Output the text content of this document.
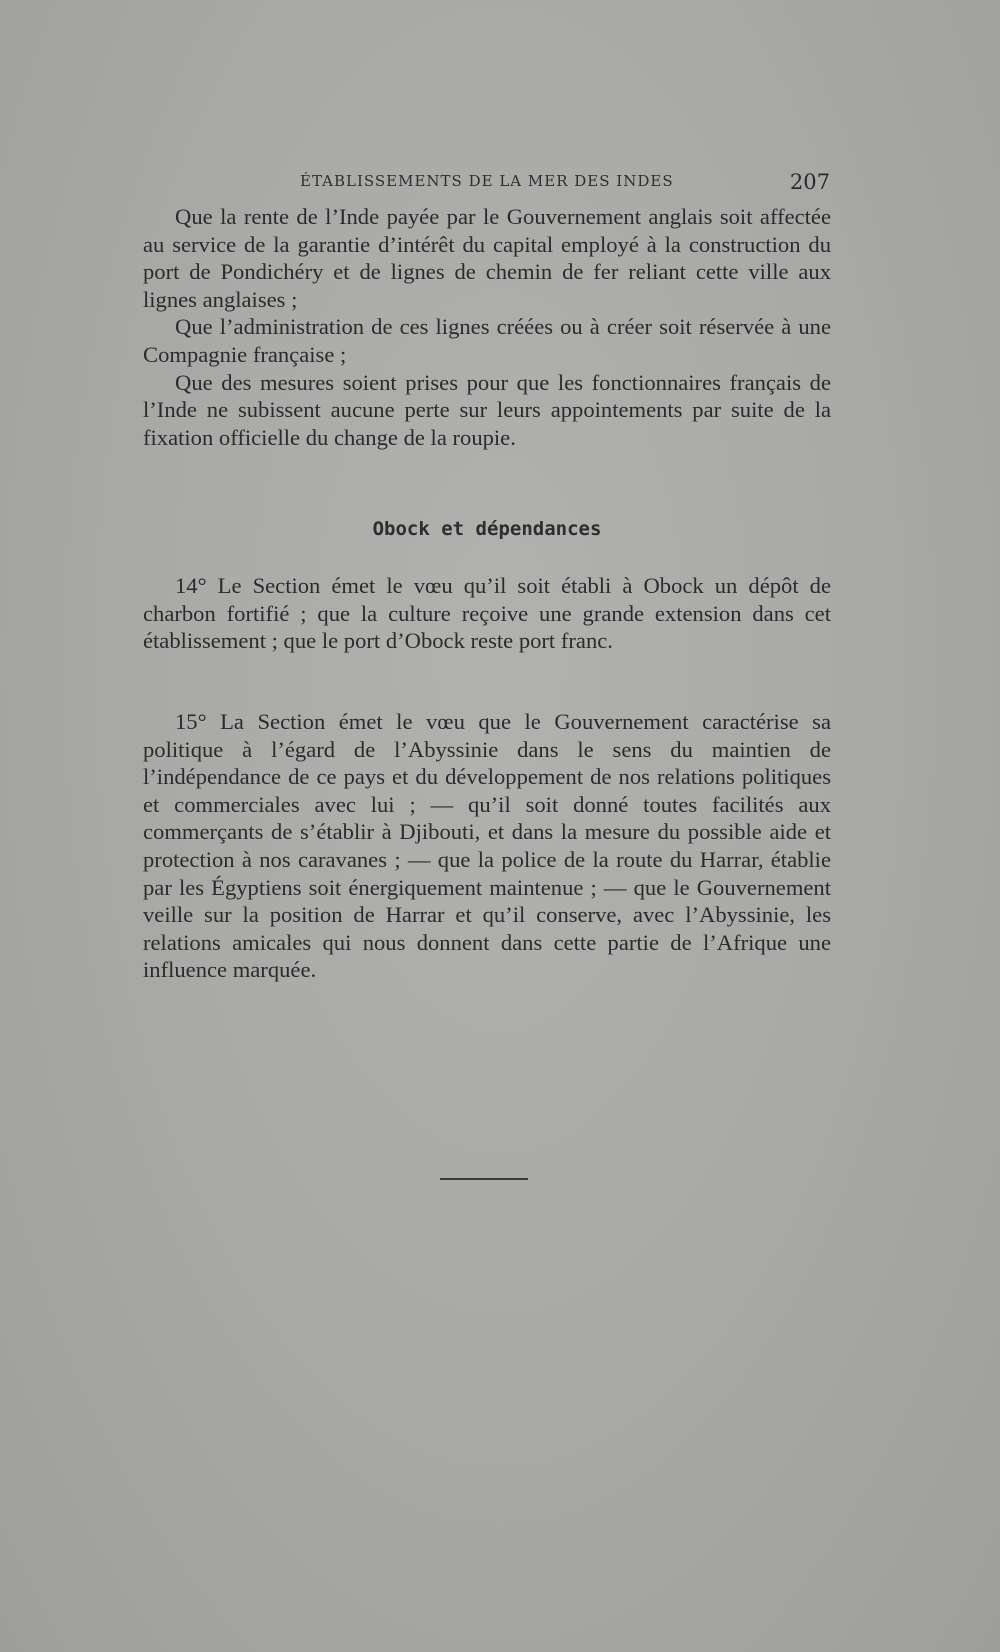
ÉTABLISSEMENTS DE LA MER DES INDES	207

Que la rente de l’Inde payée par le Gouvernement anglais soit affectée au service de la garantie d’intérêt du capital employé à la construction du port de Pondichéry et de lignes de chemin de fer reliant cette ville aux lignes anglaises ;

Que l’administration de ces lignes créées ou à créer soit réservée à une Compagnie française ;

Que des mesures soient prises pour que les fonctionnaires français de l’Inde ne subissent aucune perte sur leurs appointements par suite de la fixation officielle du change de la roupie.

Obock et dépendances

14° Le Section émet le vœu qu’il soit établi à Obock un dépôt de charbon fortifié ; que la culture reçoive une grande extension dans cet établissement ; que le port d’Obock reste port franc.

15° La Section émet le vœu que le Gouvernement caractérise sa politique à l’égard de l’Abyssinie dans le sens du maintien de l’indépendance de ce pays et du développement de nos relations politiques et commerciales avec lui ; — qu’il soit donné toutes facilités aux commerçants de s’établir à Djibouti, et dans la mesure du possible aide et protection à nos caravanes ; — que la police de la route du Harrar, établie par les Égyptiens soit énergiquement maintenue ; — que le Gouvernement veille sur la position de Harrar et qu’il conserve, avec l’Abyssinie, les relations amicales qui nous donnent dans cette partie de l’Afrique une influence marquée.
